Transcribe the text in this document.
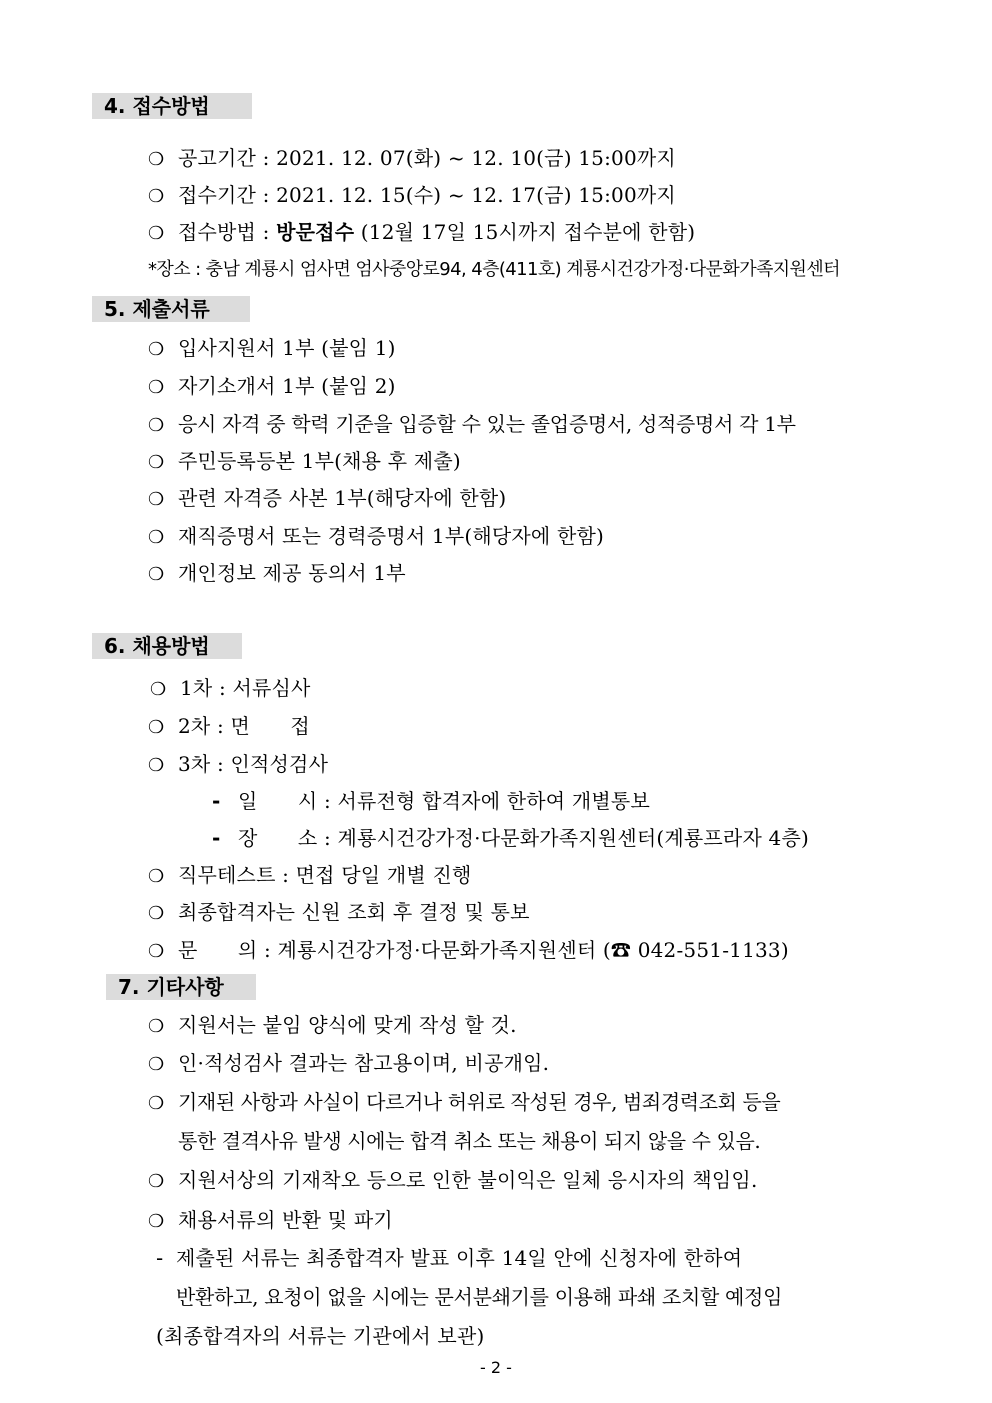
4. 접수방법
❍ 공고기간 : 2021. 12. 07(화) ~ 12. 10(금) 15:00까지
❍ 접수기간 : 2021. 12. 15(수) ~ 12. 17(금) 15:00까지
❍ 접수방법 : 방문접수 (12월 17일 15시까지 접수분에 한함)
*장소 : 충남 계룡시 엄사면 엄사중앙로94, 4층(411호) 계룡시건강가정·다문화가족지원센터
5. 제출서류
❍ 입사지원서 1부 (붙임 1)
❍ 자기소개서 1부 (붙임 2)
❍ 응시 자격 중 학력 기준을 입증할 수 있는 졸업증명서, 성적증명서 각 1부
❍ 주민등록등본 1부(채용 후 제출)
❍ 관련 자격증 사본 1부(해당자에 한함)
❍ 재직증명서 또는 경력증명서 1부(해당자에 한함)
❍ 개인정보 제공 동의서 1부
6. 채용방법
❍ 1차 : 서류심사
❍ 2차 : 면　　접
❍ 3차 : 인적성검사
- 일　　시 : 서류전형 합격자에 한하여 개별통보
- 장　　소 : 계룡시건강가정·다문화가족지원센터(계룡프라자 4층)
❍ 직무테스트 : 면접 당일 개별 진행
❍ 최종합격자는 신원 조회 후 결정 및 통보
❍ 문　　의 : 계룡시건강가정·다문화가족지원센터 (☎ 042-551-1133)
7. 기타사항
❍ 지원서는 붙임 양식에 맞게 작성 할 것.
❍ 인·적성검사 결과는 참고용이며, 비공개임.
❍ 기재된 사항과 사실이 다르거나 허위로 작성된 경우, 범죄경력조회 등을
통한 결격사유 발생 시에는 합격 취소 또는 채용이 되지 않을 수 있음.
❍ 지원서상의 기재착오 등으로 인한 불이익은 일체 응시자의 책임임.
❍ 채용서류의 반환 및 파기
- 제출된 서류는 최종합격자 발표 이후 14일 안에 신청자에 한하여
반환하고, 요청이 없을 시에는 문서분쇄기를 이용해 파쇄 조치할 예정임
(최종합격자의 서류는 기관에서 보관)
- 2 -
